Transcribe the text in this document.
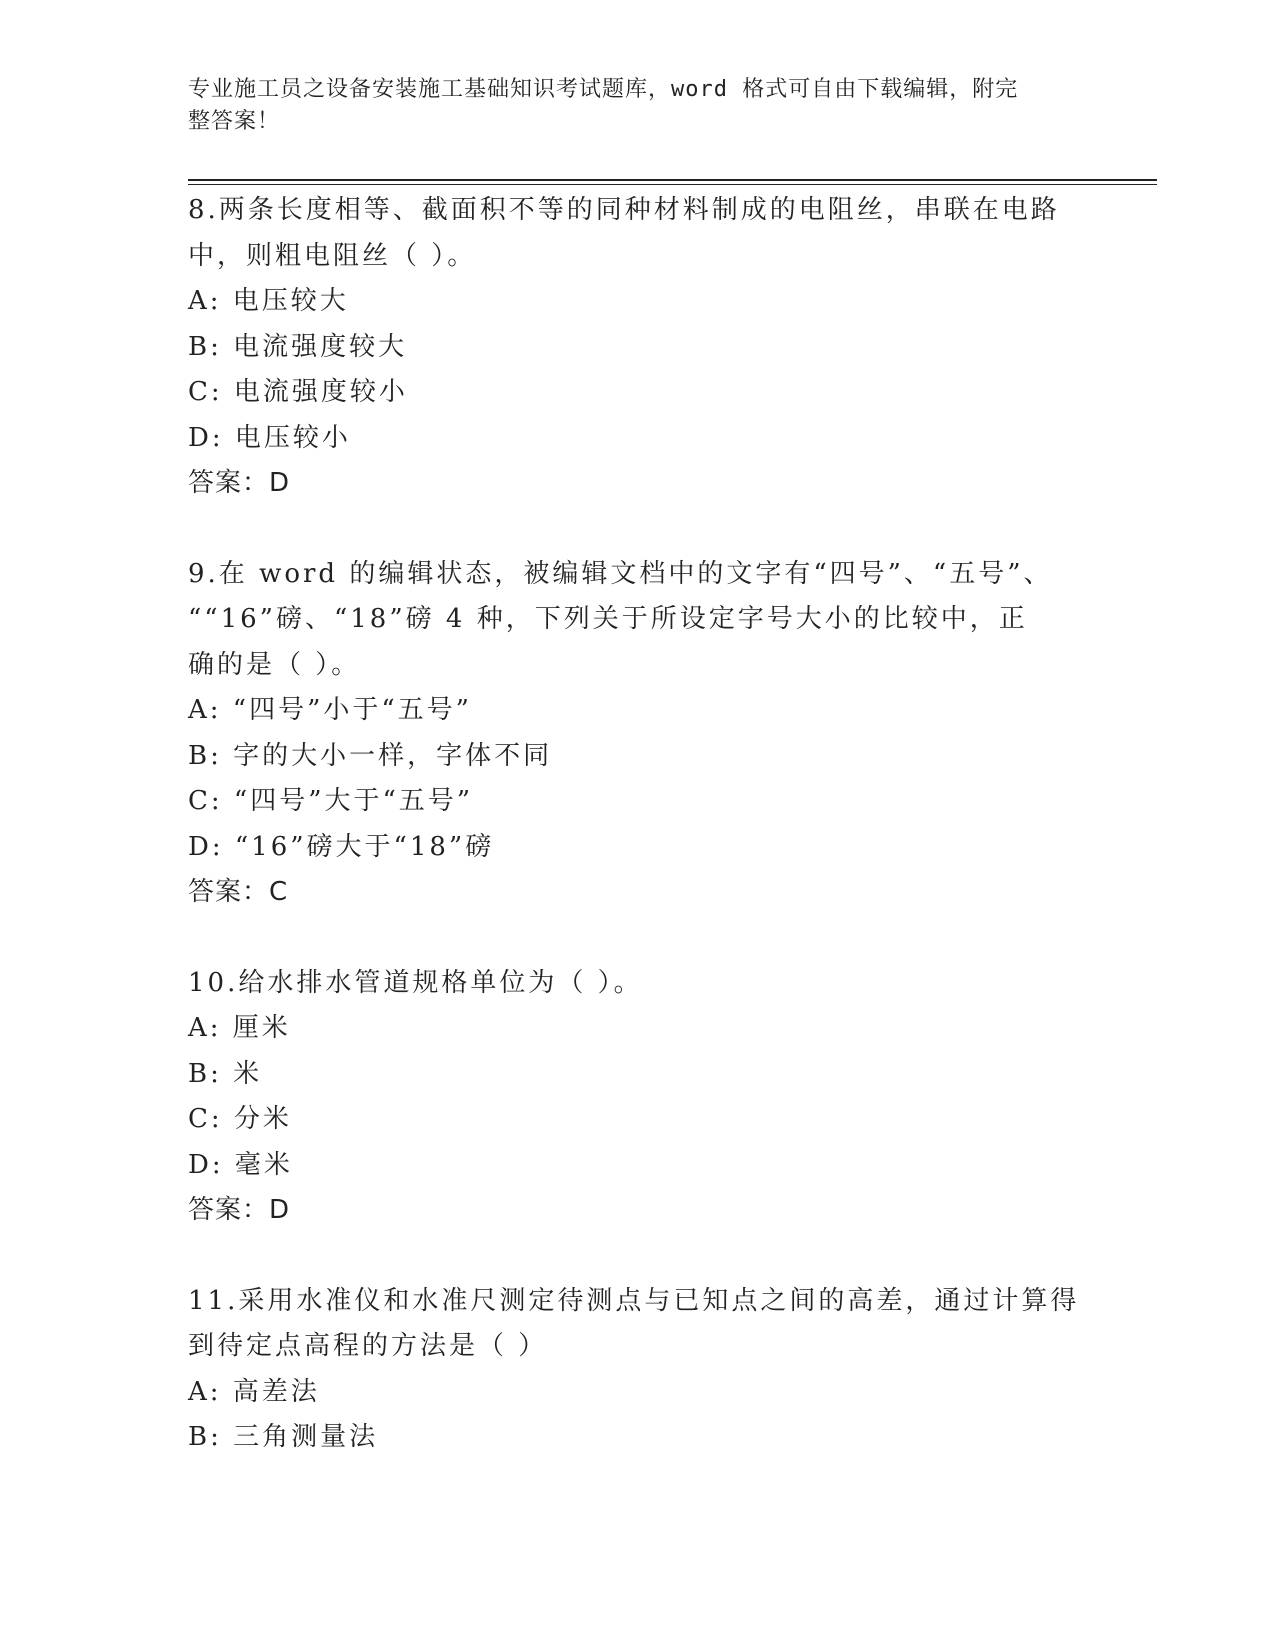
专业施工员之设备安装施工基础知识考试题库，word 格式可自由下载编辑，附完
整答案！
8.两条长度相等、截面积不等的同种材料制成的电阻丝，串联在电路
中，则粗电阻丝（ ）。
A: 电压较大
B: 电流强度较大
C: 电流强度较小
D: 电压较小
答案：D
9.在 word 的编辑状态，被编辑文档中的文字有“四号”、“五号”、
““16”磅、“18”磅 4 种，下列关于所设定字号大小的比较中，正
确的是（ ）。
A: “四号”小于“五号”
B: 字的大小一样，字体不同
C: “四号”大于“五号”
D: “16”磅大于“18”磅
答案：C
10.给水排水管道规格单位为（ ）。
A: 厘米
B: 米
C: 分米
D: 毫米
答案：D
11.采用水准仪和水准尺测定待测点与已知点之间的高差，通过计算得
到待定点高程的方法是（ ）
A: 高差法
B: 三角测量法
